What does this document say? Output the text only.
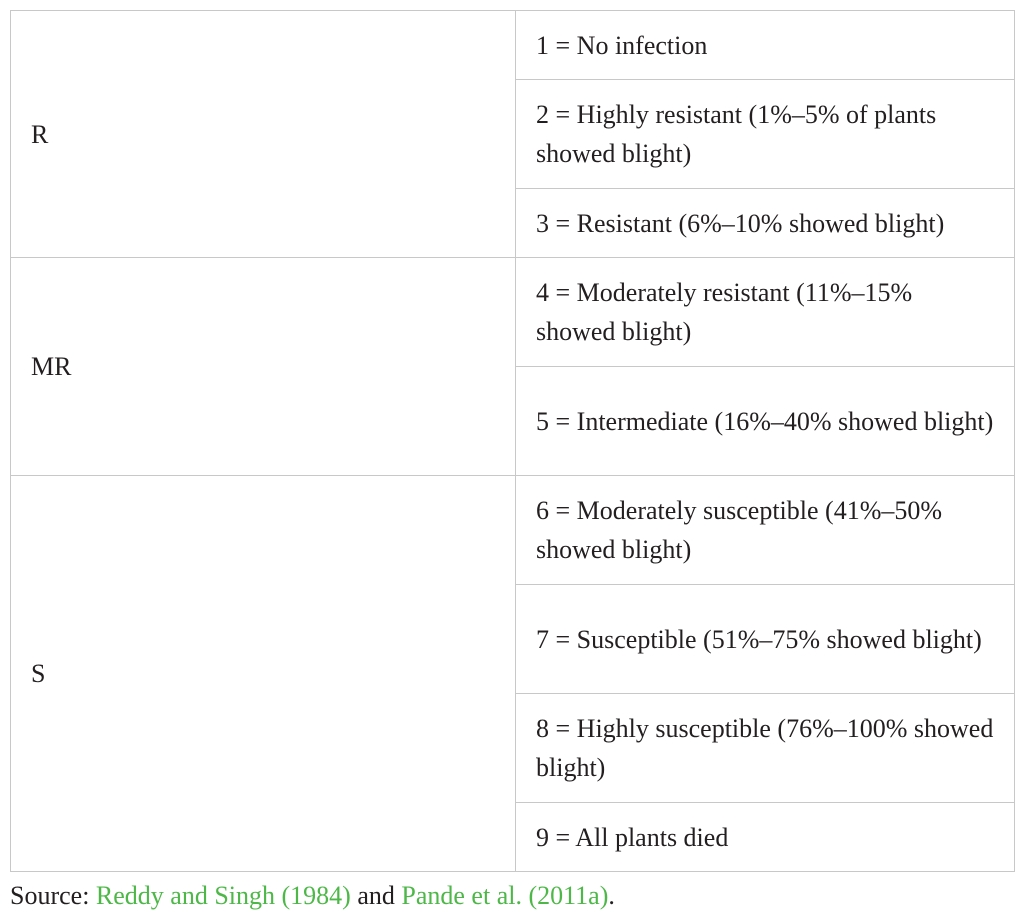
R	1 = No infection
	2 = Highly resistant (1%–5% of plants showed blight)
	3 = Resistant (6%–10% showed blight)
MR	4 = Moderately resistant (11%–15% showed blight)
	5 = Intermediate (16%–40% showed blight)
S	6 = Moderately susceptible (41%–50% showed blight)
	7 = Susceptible (51%–75% showed blight)
	8 = Highly susceptible (76%–100% showed blight)
	9 = All plants died
Source: Reddy and Singh (1984) and Pande et al. (2011a).
